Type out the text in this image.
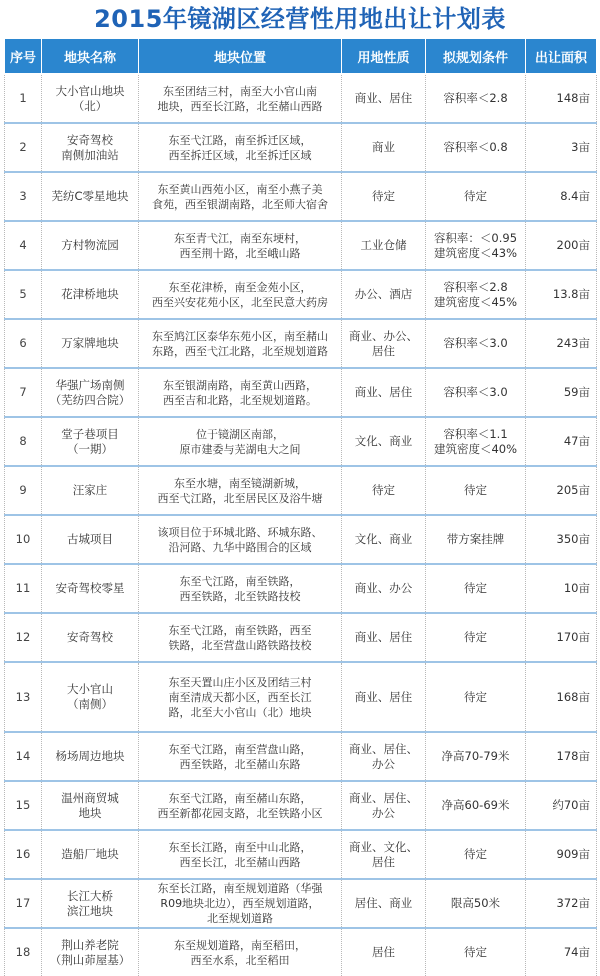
2015年镜湖区经营性用地出让计划表
序号	地块名称	地块位置	用地性质	拟规划条件	出让面积
1	大小官山地块
（北）	东至团结三村，南至大小官山南
地块，西至长江路，北至赭山西路	商业、居住	容积率＜2.8	148亩
2	安奇驾校
南侧加油站	东至弋江路，南至拆迁区域，
西至拆迁区域，北至拆迁区域	商业	容积率＜0.8	3亩
3	芜纺C零星地块	东至黄山西苑小区，南至小燕子美
食苑，西至银湖南路，北至师大宿舍	待定	待定	8.4亩
4	方村物流园	东至青弋江，南至东埂村，
西至荆十路，北至峨山路	工业仓储	容积率：＜0.95
建筑密度＜43%	200亩
5	花津桥地块	东至花津桥，南至金苑小区，
西至兴安花苑小区，北至民意大药房	办公、酒店	容积率＜2.8
建筑密度＜45%	13.8亩
6	万家牌地块	东至鸠江区泰华东苑小区，南至赭山
东路，西至弋江北路，北至规划道路	商业、办公、
居住	容积率＜3.0	243亩
7	华强广场南侧
（芜纺四合院）	东至银湖南路，南至黄山西路，
西至吉和北路，北至规划道路。	商业、居住	容积率＜3.0	59亩
8	堂子巷项目
（一期）	位于镜湖区南部，
原市建委与芜湖电大之间	文化、商业	容积率＜1.1
建筑密度＜40%	47亩
9	汪家庄	东至水塘，南至镜湖新城，
西至弋江路，北至居民区及浴牛塘	待定	待定	205亩
10	古城项目	该项目位于环城北路、环城东路、
沿河路、九华中路围合的区域	文化、商业	带方案挂牌	350亩
11	安奇驾校零星	东至弋江路，南至铁路，
西至铁路，北至铁路技校	商业、办公	待定	10亩
12	安奇驾校	东至弋江路，南至铁路，西至
铁路，北至营盘山路铁路技校	商业、居住	待定	170亩
13	大小官山
（南侧）	东至天置山庄小区及团结三村
南至清成天都小区，西至长江
路，北至大小官山（北）地块	商业、居住	待定	168亩
14	杨场周边地块	东至弋江路，南至营盘山路，
西至铁路，北至赭山东路	商业、居住、
办公	净高70-79米	178亩
15	温州商贸城
地块	东至弋江路，南至赭山东路，
西至新都花园支路，北至铁路小区	商业、居住、
办公	净高60-69米	约70亩
16	造船厂地块	东至长江路，南至中山北路，
西至长江，北至赭山西路	商业、文化、
居住	待定	909亩
17	长江大桥
滨江地块	东至长江路，南至规划道路（华强
R09地块北边），西至规划道路，
北至规划道路	居住、商业	限高50米	372亩
18	荆山养老院
（荆山茆屋基）	东至规划道路，南至稻田，
西至水系，北至稻田	居住	待定	74亩
